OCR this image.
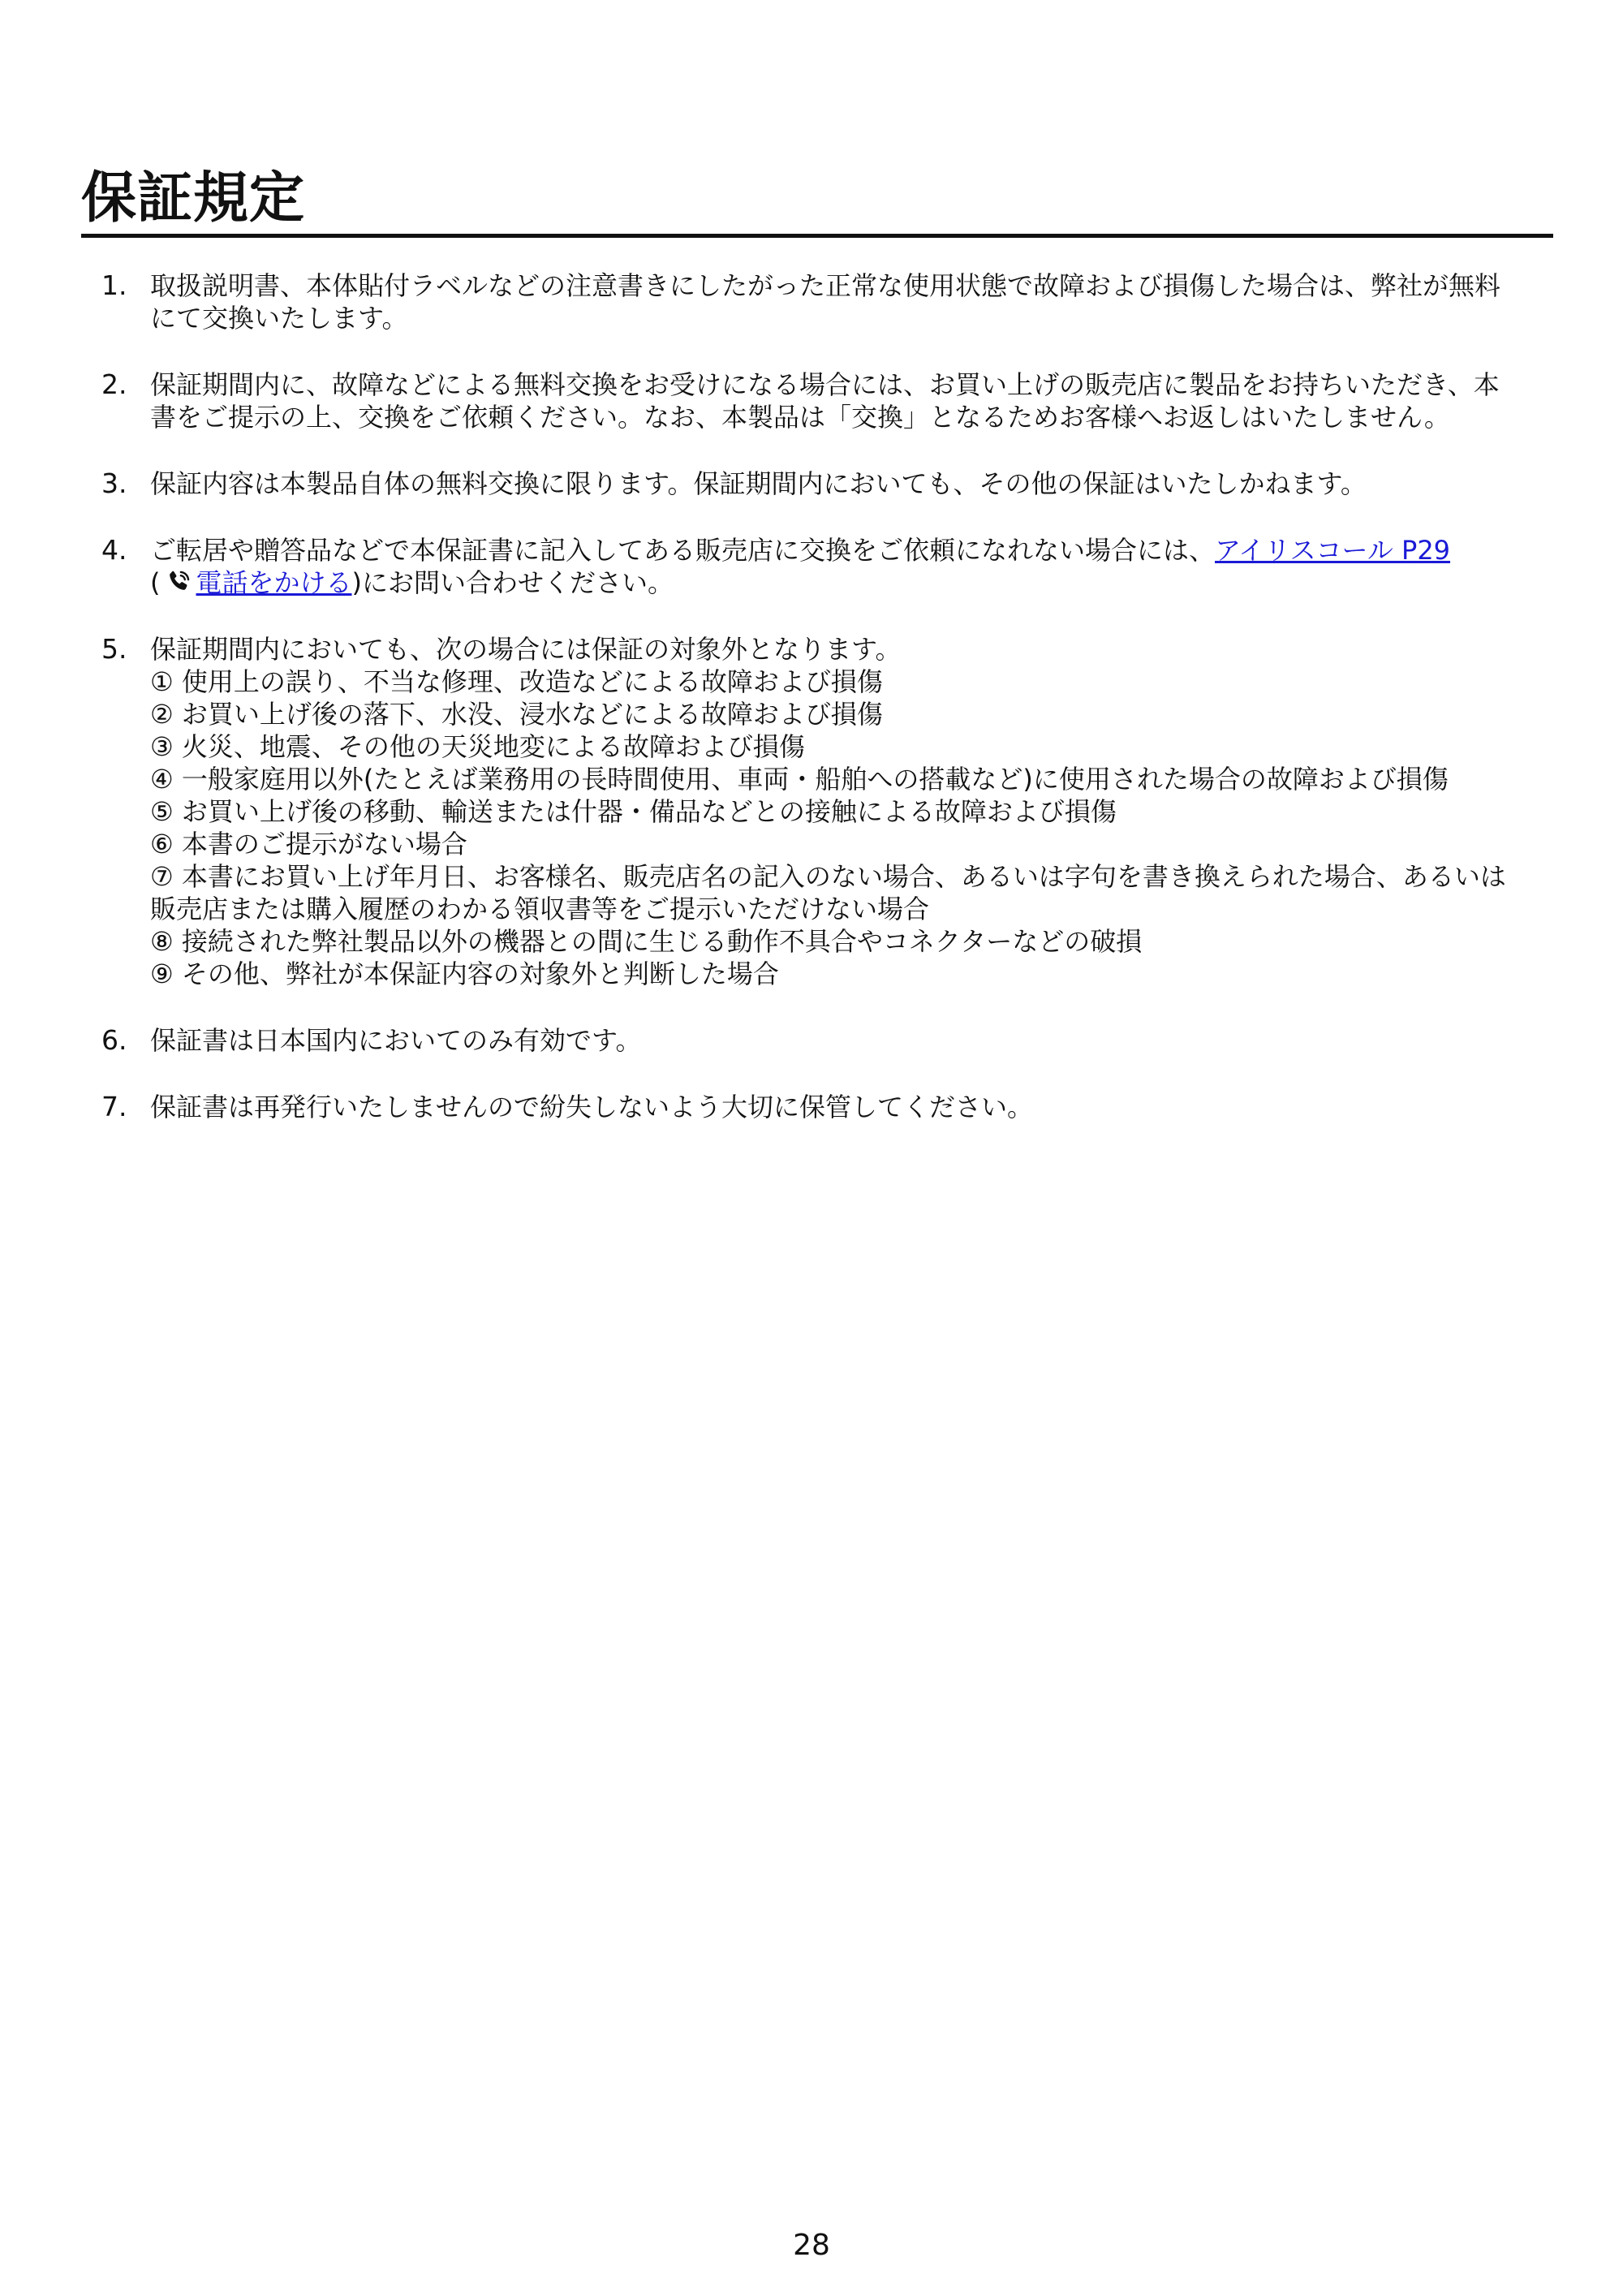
保証規定
1. 取扱説明書、本体貼付ラベルなどの注意書きにしたがった正常な使用状態で故障および損傷した場合は、弊社が無料
にて交換いたします。
2. 保証期間内に、故障などによる無料交換をお受けになる場合には、お買い上げの販売店に製品をお持ちいただき、本
書をご提示の上、交換をご依頼ください。なお、本製品は「交換」となるためお客様へお返しはいたしません。
3. 保証内容は本製品自体の無料交換に限ります。保証期間内においても、その他の保証はいたしかねます。
4. ご転居や贈答品などで本保証書に記入してある販売店に交換をご依頼になれない場合には、アイリスコール P29
( 電話をかける)にお問い合わせください。
5. 保証期間内においても、次の場合には保証の対象外となります。
① 使用上の誤り、不当な修理、改造などによる故障および損傷
② お買い上げ後の落下、水没、浸水などによる故障および損傷
③ 火災、地震、その他の天災地変による故障および損傷
④ 一般家庭用以外(たとえば業務用の長時間使用、車両・船舶への搭載など)に使用された場合の故障および損傷
⑤ お買い上げ後の移動、輸送または什器・備品などとの接触による故障および損傷
⑥ 本書のご提示がない場合
⑦ 本書にお買い上げ年月日、お客様名、販売店名の記入のない場合、あるいは字句を書き換えられた場合、あるいは
販売店または購入履歴のわかる領収書等をご提示いただけない場合
⑧ 接続された弊社製品以外の機器との間に生じる動作不具合やコネクターなどの破損
⑨ その他、弊社が本保証内容の対象外と判断した場合
6. 保証書は日本国内においてのみ有効です。
7. 保証書は再発行いたしませんので紛失しないよう大切に保管してください。
28
